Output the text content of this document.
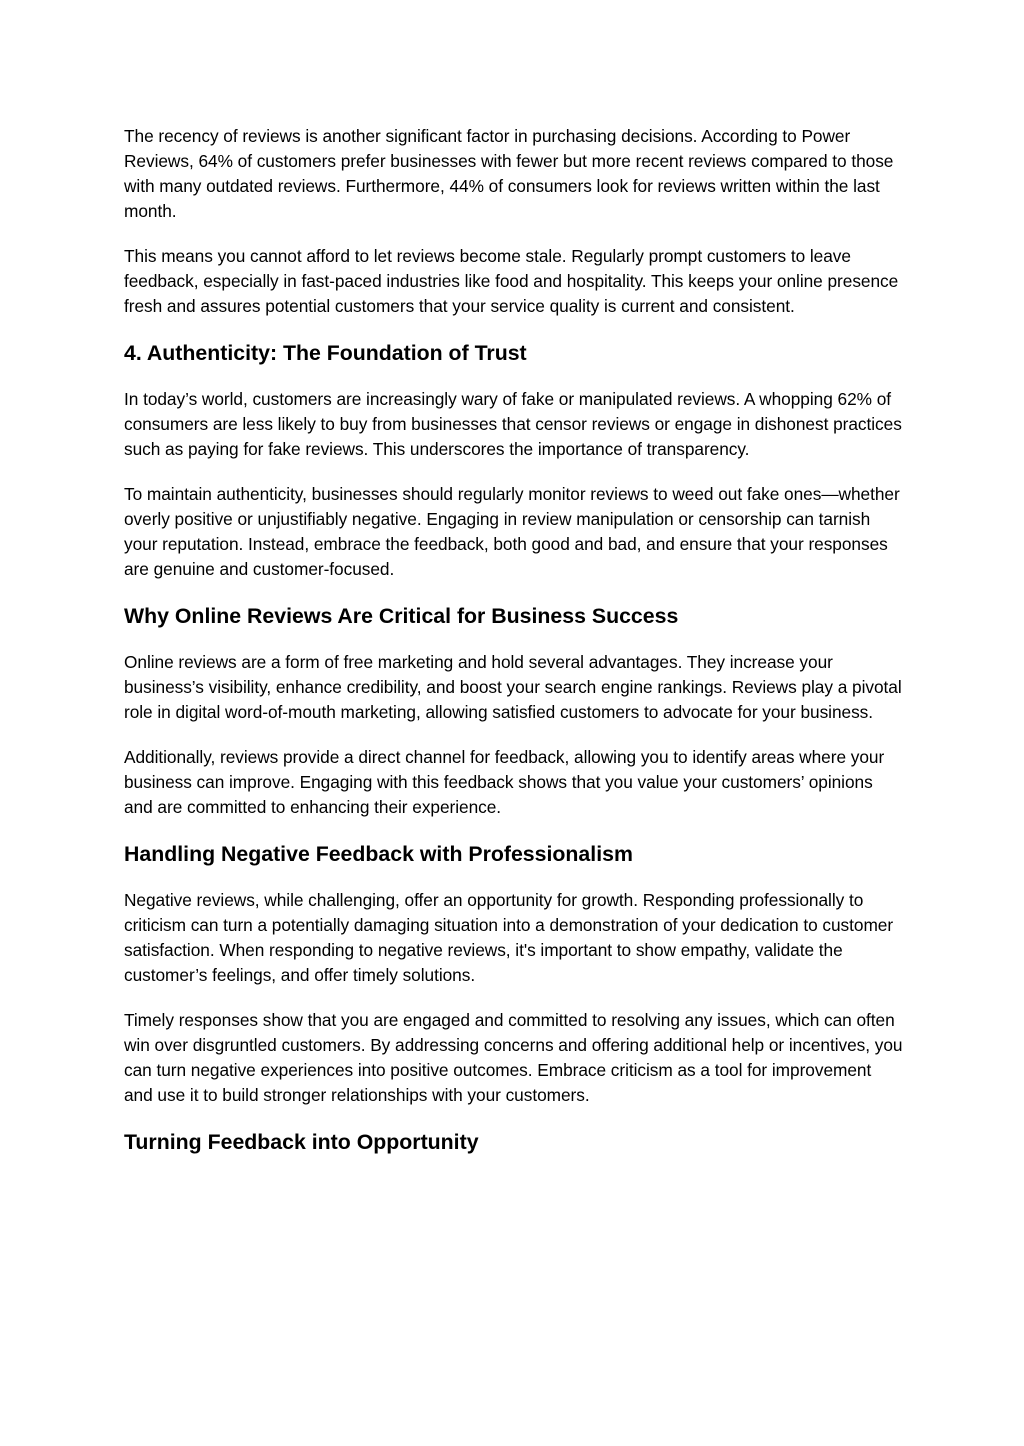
The recency of reviews is another significant factor in purchasing decisions. According to Power Reviews, 64% of customers prefer businesses with fewer but more recent reviews compared to those with many outdated reviews. Furthermore, 44% of consumers look for reviews written within the last month.

This means you cannot afford to let reviews become stale. Regularly prompt customers to leave feedback, especially in fast-paced industries like food and hospitality. This keeps your online presence fresh and assures potential customers that your service quality is current and consistent.

4. Authenticity: The Foundation of Trust

In today’s world, customers are increasingly wary of fake or manipulated reviews. A whopping 62% of consumers are less likely to buy from businesses that censor reviews or engage in dishonest practices such as paying for fake reviews. This underscores the importance of transparency.

To maintain authenticity, businesses should regularly monitor reviews to weed out fake ones—whether overly positive or unjustifiably negative. Engaging in review manipulation or censorship can tarnish your reputation. Instead, embrace the feedback, both good and bad, and ensure that your responses are genuine and customer-focused.

Why Online Reviews Are Critical for Business Success

Online reviews are a form of free marketing and hold several advantages. They increase your business’s visibility, enhance credibility, and boost your search engine rankings. Reviews play a pivotal role in digital word-of-mouth marketing, allowing satisfied customers to advocate for your business.

Additionally, reviews provide a direct channel for feedback, allowing you to identify areas where your business can improve. Engaging with this feedback shows that you value your customers’ opinions and are committed to enhancing their experience.

Handling Negative Feedback with Professionalism

Negative reviews, while challenging, offer an opportunity for growth. Responding professionally to criticism can turn a potentially damaging situation into a demonstration of your dedication to customer satisfaction. When responding to negative reviews, it's important to show empathy, validate the customer’s feelings, and offer timely solutions.

Timely responses show that you are engaged and committed to resolving any issues, which can often win over disgruntled customers. By addressing concerns and offering additional help or incentives, you can turn negative experiences into positive outcomes. Embrace criticism as a tool for improvement and use it to build stronger relationships with your customers.

Turning Feedback into Opportunity
